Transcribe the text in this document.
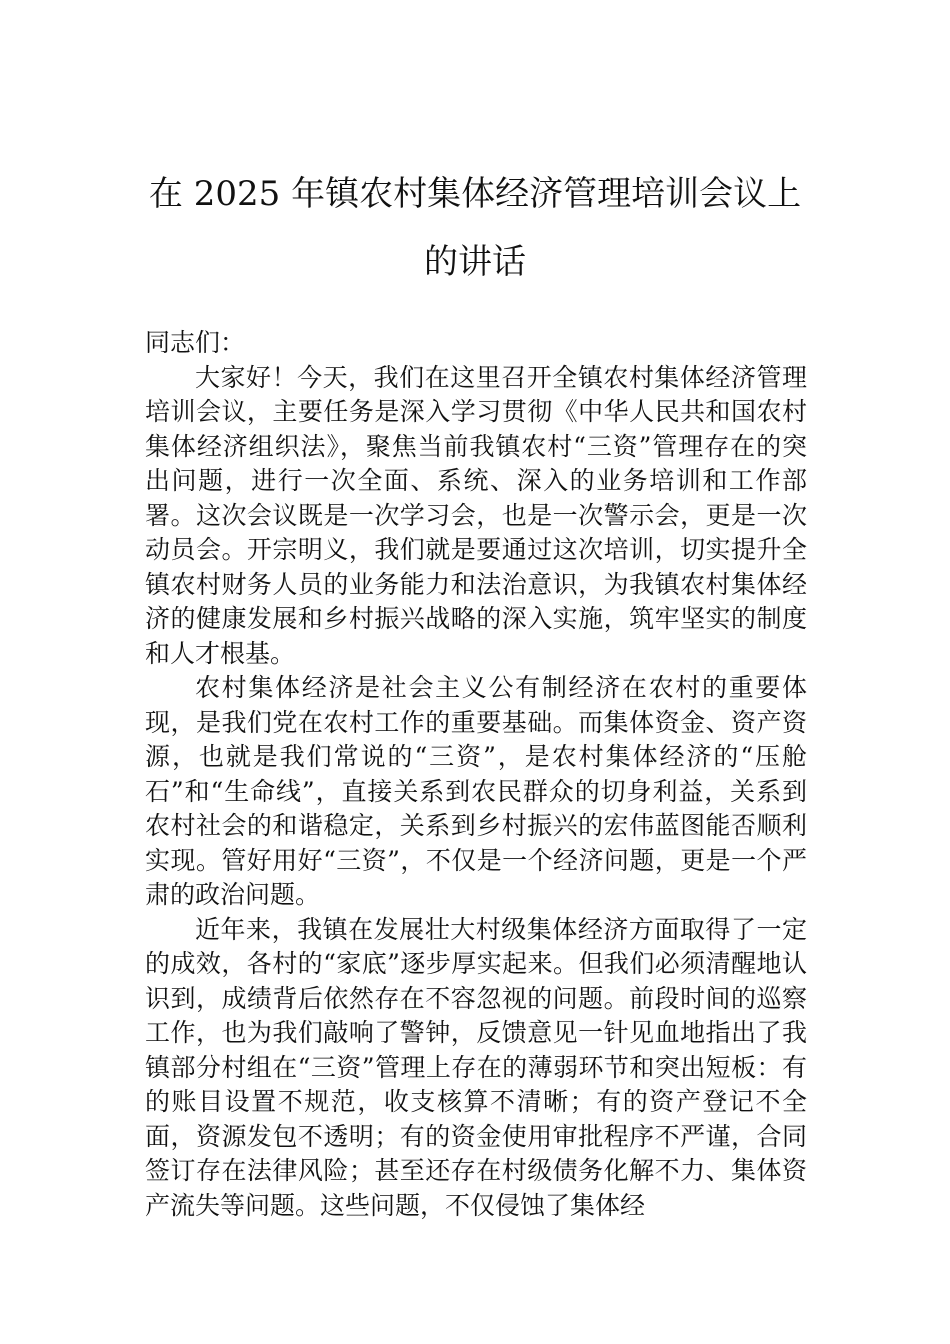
在 2025 年镇农村集体经济管理培训会议上的讲话

同志们：

大家好！今天，我们在这里召开全镇农村集体经济管理培训会议，主要任务是深入学习贯彻《中华人民共和国农村集体经济组织法》，聚焦当前我镇农村“三资”管理存在的突出问题，进行一次全面、系统、深入的业务培训和工作部署。这次会议既是一次学习会，也是一次警示会，更是一次动员会。开宗明义，我们就是要通过这次培训，切实提升全镇农村财务人员的业务能力和法治意识，为我镇农村集体经济的健康发展和乡村振兴战略的深入实施，筑牢坚实的制度和人才根基。

农村集体经济是社会主义公有制经济在农村的重要体现，是我们党在农村工作的重要基础。而集体资金、资产资源，也就是我们常说的“三资”，是农村集体经济的“压舱石”和“生命线”，直接关系到农民群众的切身利益，关系到农村社会的和谐稳定，关系到乡村振兴的宏伟蓝图能否顺利实现。管好用好“三资”，不仅是一个经济问题，更是一个严肃的政治问题。

近年来，我镇在发展壮大村级集体经济方面取得了一定的成效，各村的“家底”逐步厚实起来。但我们必须清醒地认识到，成绩背后依然存在不容忽视的问题。前段时间的巡察工作，也为我们敲响了警钟，反馈意见一针见血地指出了我镇部分村组在“三资”管理上存在的薄弱环节和突出短板：有的账目设置不规范，收支核算不清晰；有的资产登记不全面，资源发包不透明；有的资金使用审批程序不严谨，合同签订存在法律风险；甚至还存在村级债务化解不力、集体资产流失等问题。这些问题，不仅侵蚀了集体经
